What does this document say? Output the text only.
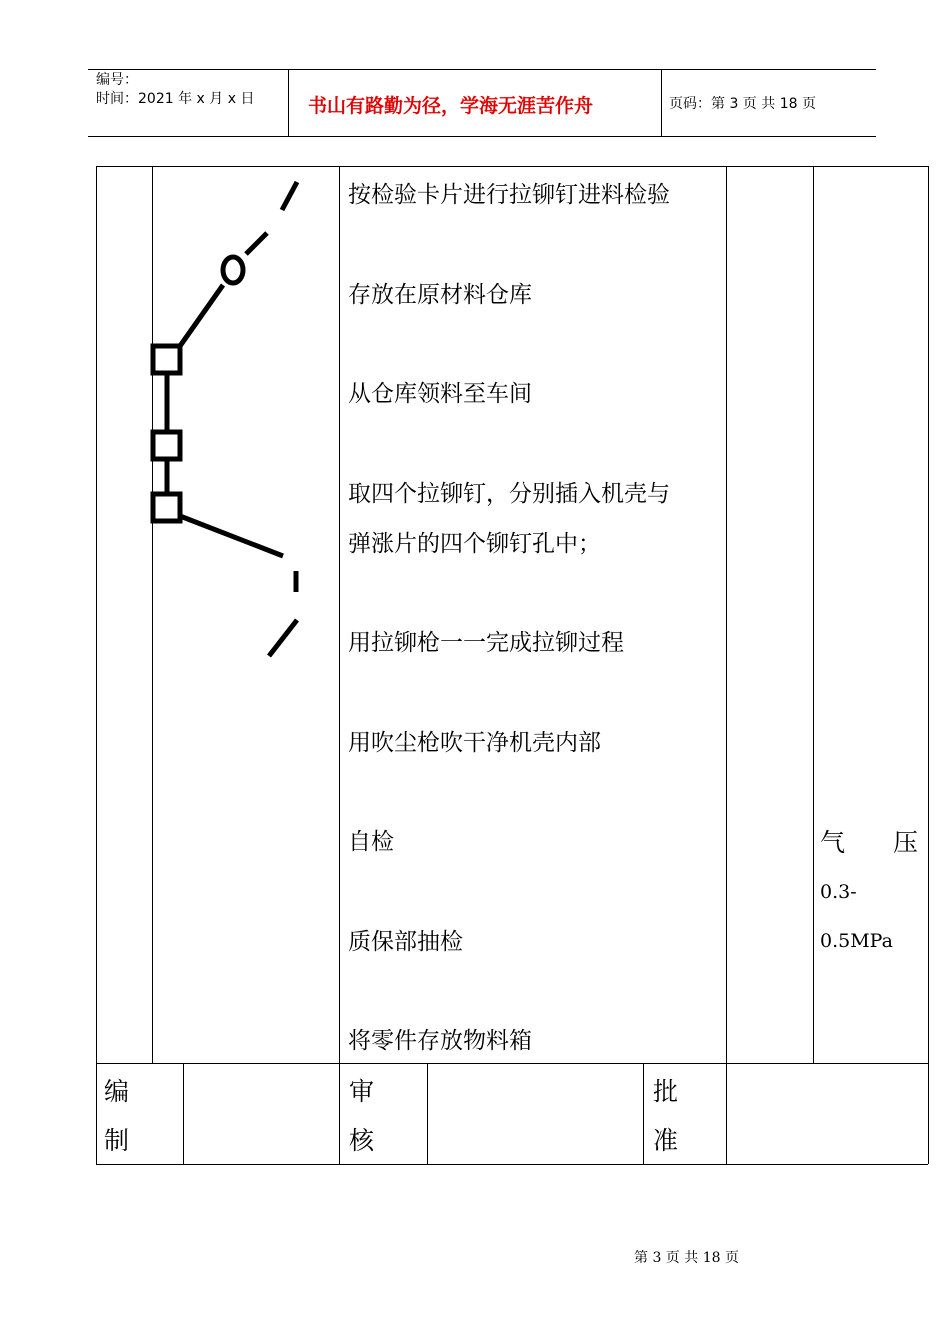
编号：
时间：2021 年 x 月 x 日	书山有路勤为径，学海无涯苦作舟	页码：第 3 页 共 18 页
按检验卡片进行拉铆钉进料检验
存放在原材料仓库
从仓库领料至车间
取四个拉铆钉，分别插入机壳与
弹涨片的四个铆钉孔中；
用拉铆枪一一完成拉铆过程
用吹尘枪吹干净机壳内部
自检
质保部抽检
将零件存放物料箱
气 压
0.3-
0.5MPa
编
制
审
核
批
准
第 3 页 共 18 页
